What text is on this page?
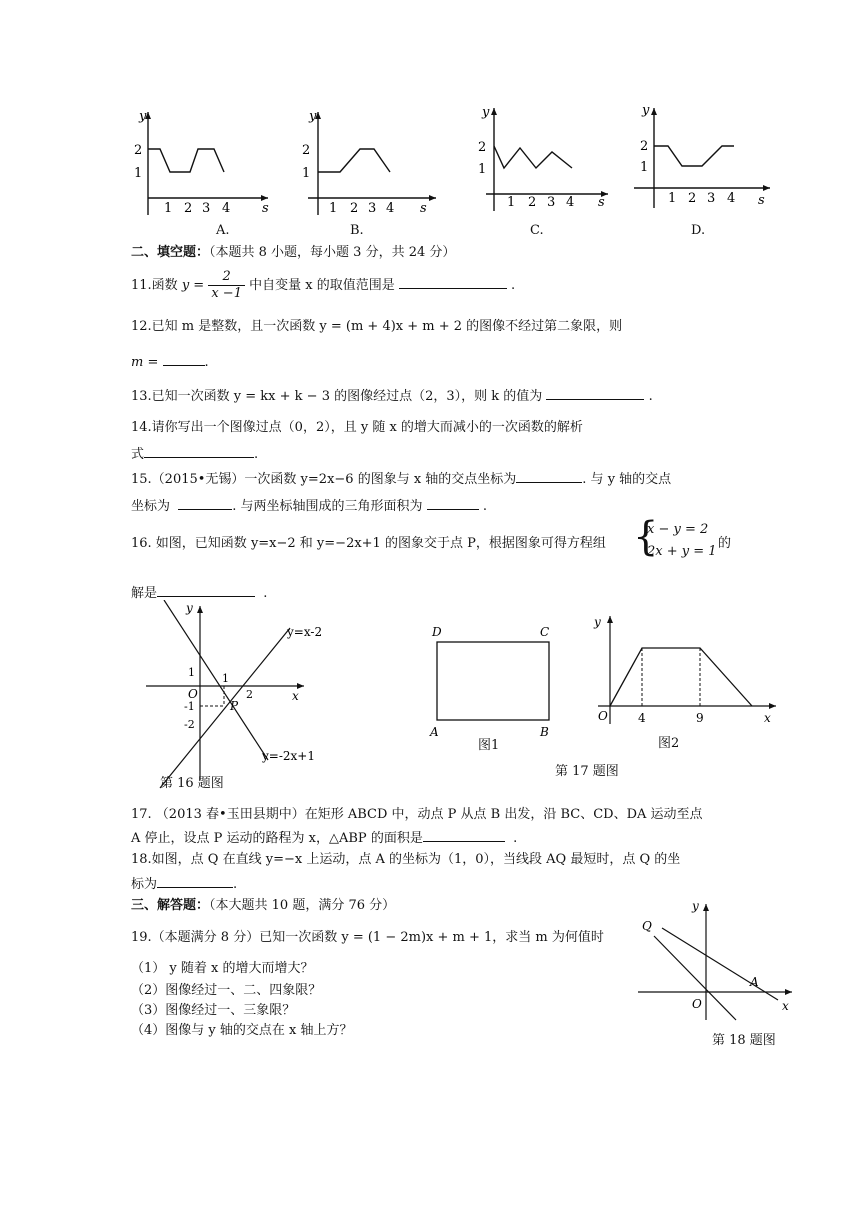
y
s
2
1
1 2 3 4
A.
y
s
2
1
1 2 3 4
B.
y
s
2
1
1 2 3 4
C.
y
s
2
1
1 2 3 4
D.
二、填空题：（本题共 8 小题，每小题 3 分，共 24 分）
11.函数 $y = \frac{2}{x -1}$ 中自变量 x 的取值范围是	.
12.已知 m 是整数，且一次函数 y = (m + 4)x + m + 2 的图像不经过第二象限，则
m =	.
13.已知一次函数 y = kx + k − 3 的图像经过点（2，3），则 k 的值为	.
14.请你写出一个图像过点（0，2），且 y 随 x 的增大而减小的一次函数的解析
式	.
15.（2015•无锡）一次函数 y=2x−6 的图象与 x 轴的交点坐标为	. 与 y 轴的交点
坐标为	. 与两坐标轴围成的三角形面积为	.
16. 如图，已知函数 y=x−2 和 y=−2x+1 的图象交于点 P，根据图象可得方程组 {
x − y = 2
2x + y = 1
的
解是	.
y
x
O
y=x-2
y=-2x+1
P
1 1
2
-1
-2
第 16 题图
D	C
A	B
图1
y
x
O	4	9
图2
第 17 题图
17. （2013 春•玉田县期中）在矩形 ABCD 中，动点 P 从点 B 出发，沿 BC、CD、DA 运动至点
A 停止，设点 P 运动的路程为 x，△ABP 的面积是	.
18.如图，点 Q 在直线 y=−x 上运动，点 A 的坐标为（1，0），当线段 AQ 最短时，点 Q 的坐
标为	.
三、解答题：（本大题共 10 题，满分 76 分）
19.（本题满分 8 分）已知一次函数 y = (1 − 2m)x + m + 1，求当 m 为何值时
（1） y 随着 x 的增大而增大？
（2）图像经过一、二、四象限？
（3）图像经过一、三象限？
（4）图像与 y 轴的交点在 x 轴上方？
y
x
O
Q
A
第 18 题图
